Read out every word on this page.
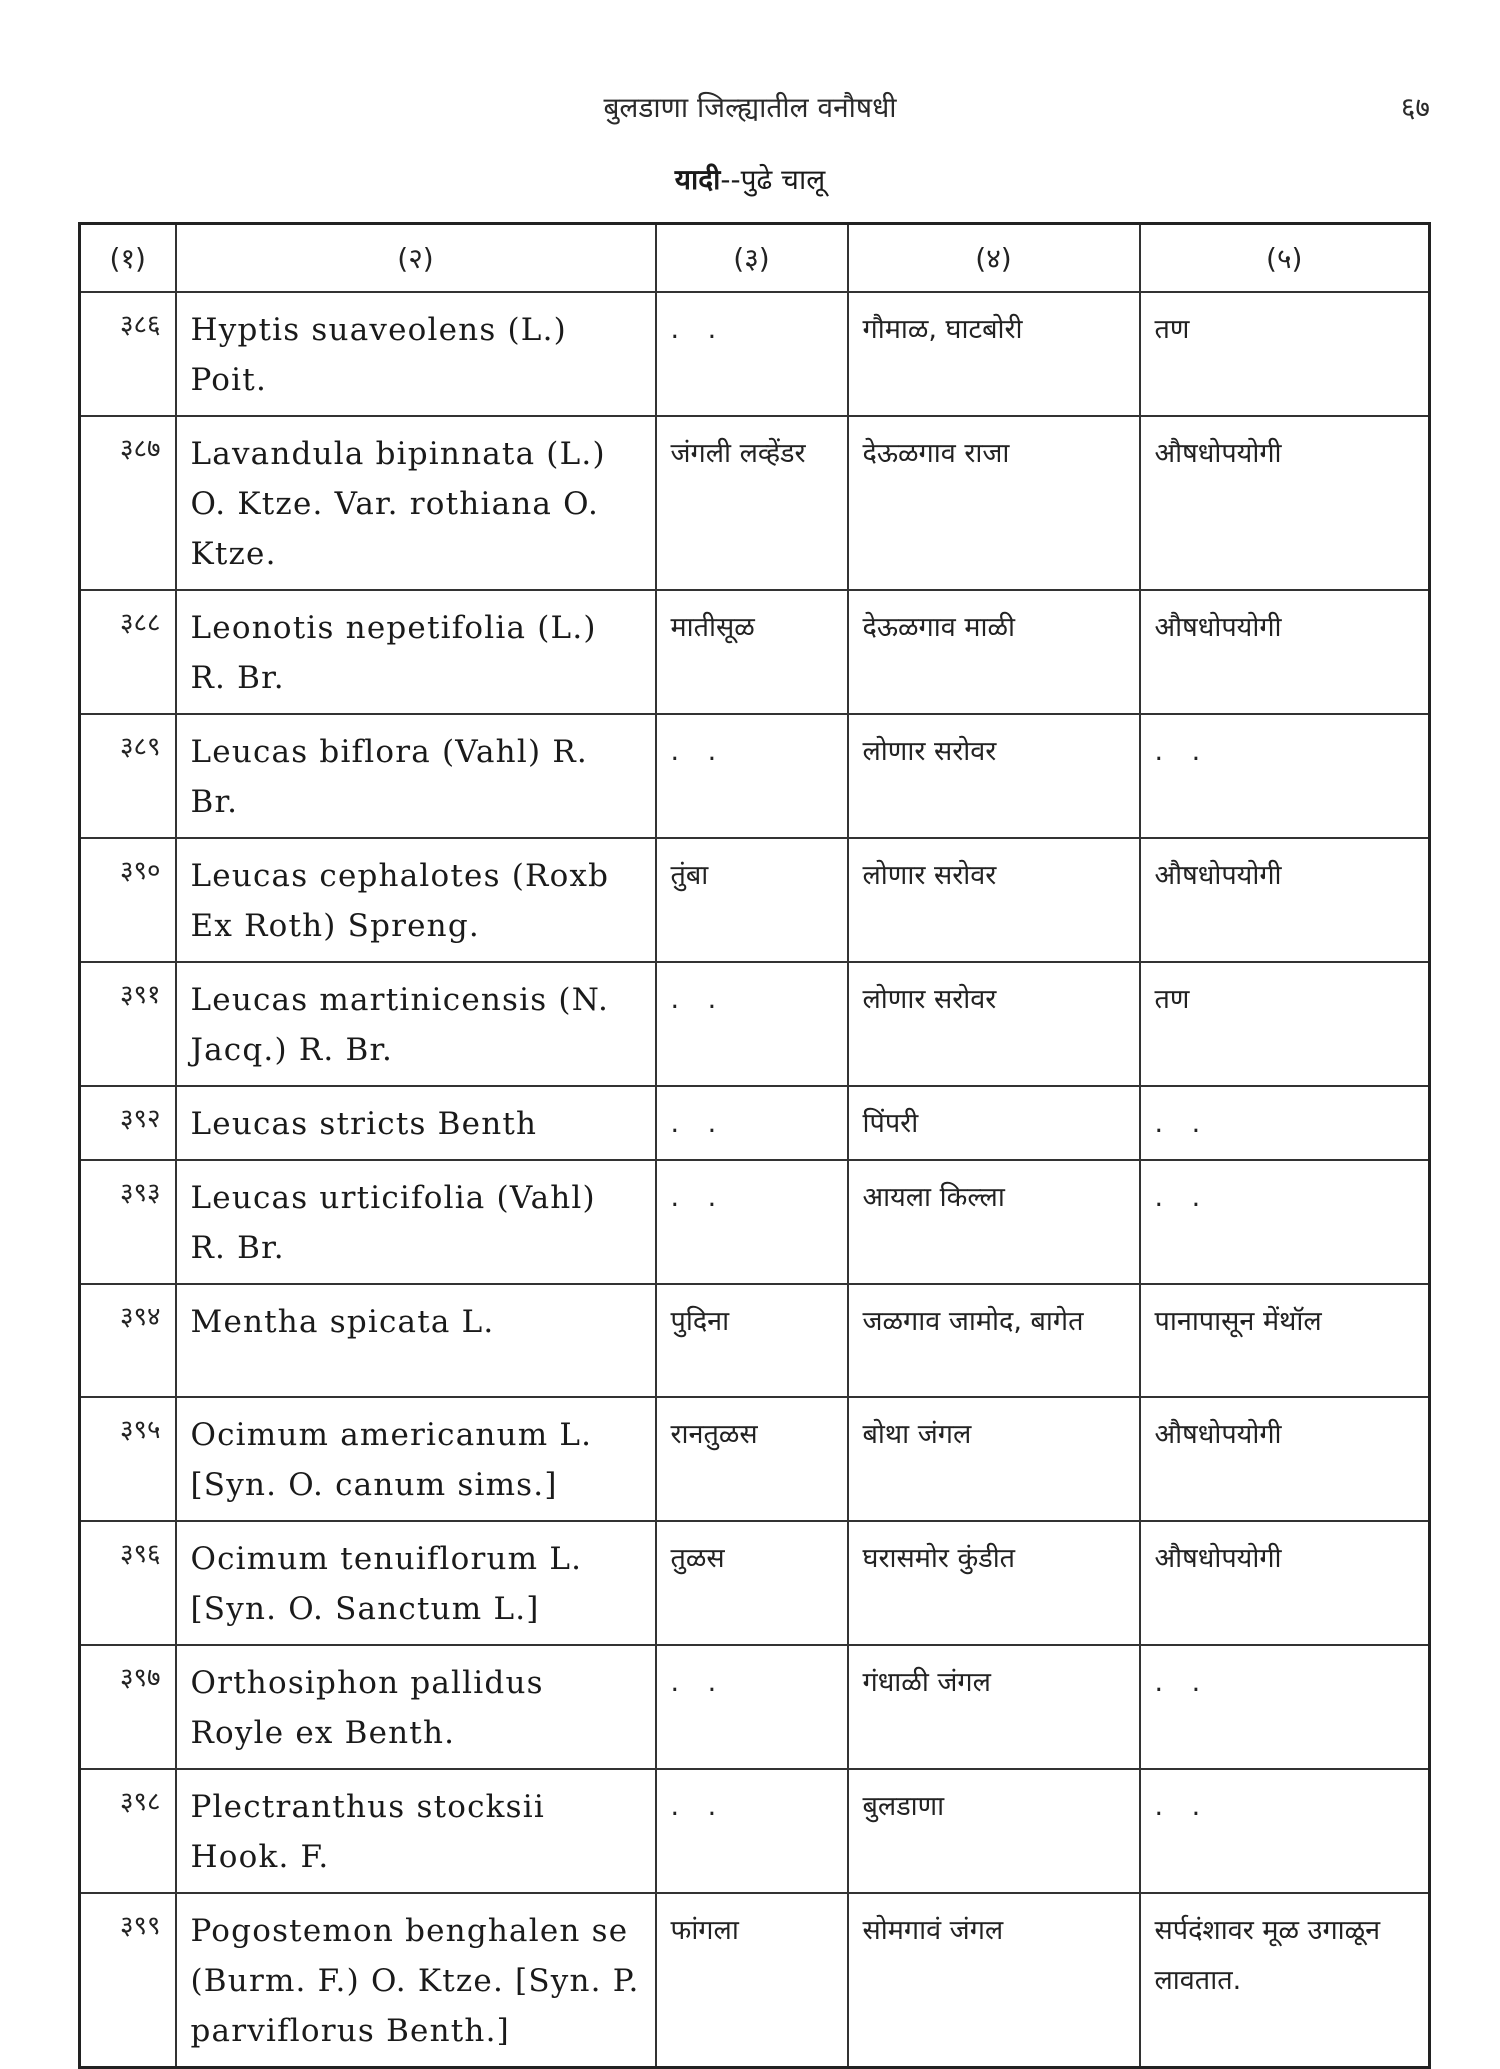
बुलडाणा जिल्ह्यातील वनौषधी	६७
यादी--पुढे चालू
(१)	(२)	(३)	(४)	(५)
३८६	Hyptis suaveolens (L.) Poit.	. .	गौमाळ, घाटबोरी	तण
३८७	Lavandula bipinnata (L.) O. Ktze. Var. rothiana O. Ktze.	जंगली लव्हेंडर	देऊळगाव राजा	औषधोपयोगी
३८८	Leonotis nepetifolia (L.) R. Br.	मातीसूळ	देऊळगाव माळी	औषधोपयोगी
३८९	Leucas biflora (Vahl) R. Br.	. .	लोणार सरोवर	. .
३९०	Leucas cephalotes (Roxb Ex Roth) Spreng.	तुंबा	लोणार सरोवर	औषधोपयोगी
३९१	Leucas martinicensis (N. Jacq.) R. Br.	. .	लोणार सरोवर	तण
३९२	Leucas stricts Benth	. .	पिंपरी	. .
३९३	Leucas urticifolia (Vahl) R. Br.	. .	आयला किल्ला	. .
३९४	Mentha spicata L.	पुदिना	जळगाव जामोद, बागेत	पानापासून मेंथॉल
३९५	Ocimum americanum L. [Syn. O. canum sims.]	रानतुळस	बोथा जंगल	औषधोपयोगी
३९६	Ocimum tenuiflorum L. [Syn. O. Sanctum L.]	तुळस	घरासमोर कुंडीत	औषधोपयोगी
३९७	Orthosiphon pallidus Royle ex Benth.	. .	गंधाळी जंगल	. .
३९८	Plectranthus stocksii Hook. F.	. .	बुलडाणा	. .
३९९	Pogostemon benghalen se (Burm. F.) O. Ktze. [Syn. P. parviflorus Benth.]	फांगला	सोमगावं जंगल	सर्पदंशावर मूळ उगाळून लावतात.
